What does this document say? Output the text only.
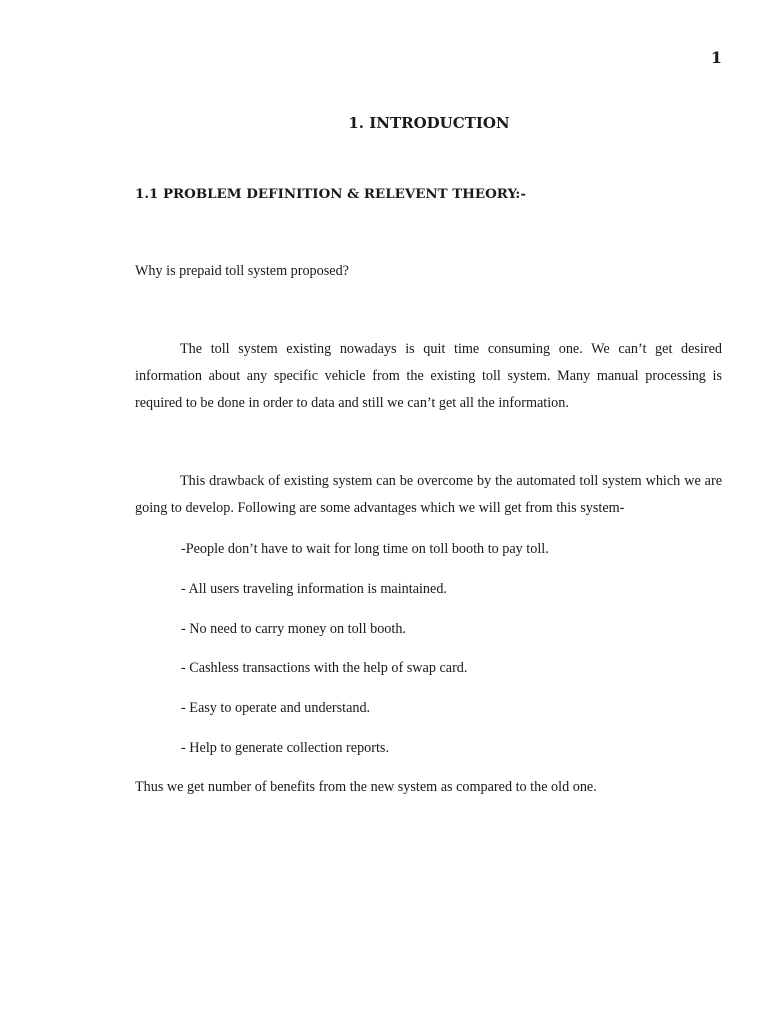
1
1. INTRODUCTION
1.1 PROBLEM DEFINITION & RELEVENT THEORY:-
Why is prepaid toll system proposed?

The toll system existing nowadays is quit time consuming one. We can’t get desired information about any specific vehicle from the existing toll system. Many manual processing is required to be done in order to data and still we can’t get all the information.

This drawback of existing system can be overcome by the automated toll system which we are going to develop. Following are some advantages which we will get from this system-

-People don’t have to wait for long time on toll booth to pay toll.
- All users traveling information is maintained.
- No need to carry money on toll booth.
- Cashless transactions with the help of swap card.
- Easy to operate and understand.
- Help to generate collection reports.
Thus we get number of benefits from the new system as compared to the old one.
